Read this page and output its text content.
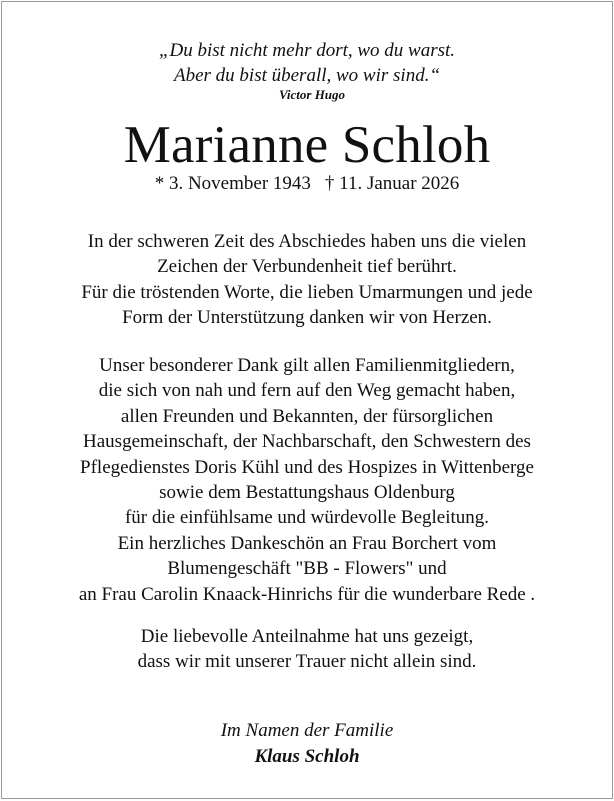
„Du bist nicht mehr dort, wo du warst.
Aber du bist überall, wo wir sind.“
Victor Hugo
Marianne Schloh
* 3. November 1943 † 11. Januar 2026
In der schweren Zeit des Abschiedes haben uns die vielen
Zeichen der Verbundenheit tief berührt.
Für die tröstenden Worte, die lieben Umarmungen und jede
Form der Unterstützung danken wir von Herzen.
Unser besonderer Dank gilt allen Familienmitgliedern,
die sich von nah und fern auf den Weg gemacht haben,
allen Freunden und Bekannten, der fürsorglichen
Hausgemeinschaft, der Nachbarschaft, den Schwestern des
Pflegedienstes Doris Kühl und des Hospizes in Wittenberge
sowie dem Bestattungshaus Oldenburg
für die einfühlsame und würdevolle Begleitung.
Ein herzliches Dankeschön an Frau Borchert vom
Blumengeschäft "BB - Flowers" und
an Frau Carolin Knaack-Hinrichs für die wunderbare Rede .
Die liebevolle Anteilnahme hat uns gezeigt,
dass wir mit unserer Trauer nicht allein sind.
Im Namen der Familie
Klaus Schloh
